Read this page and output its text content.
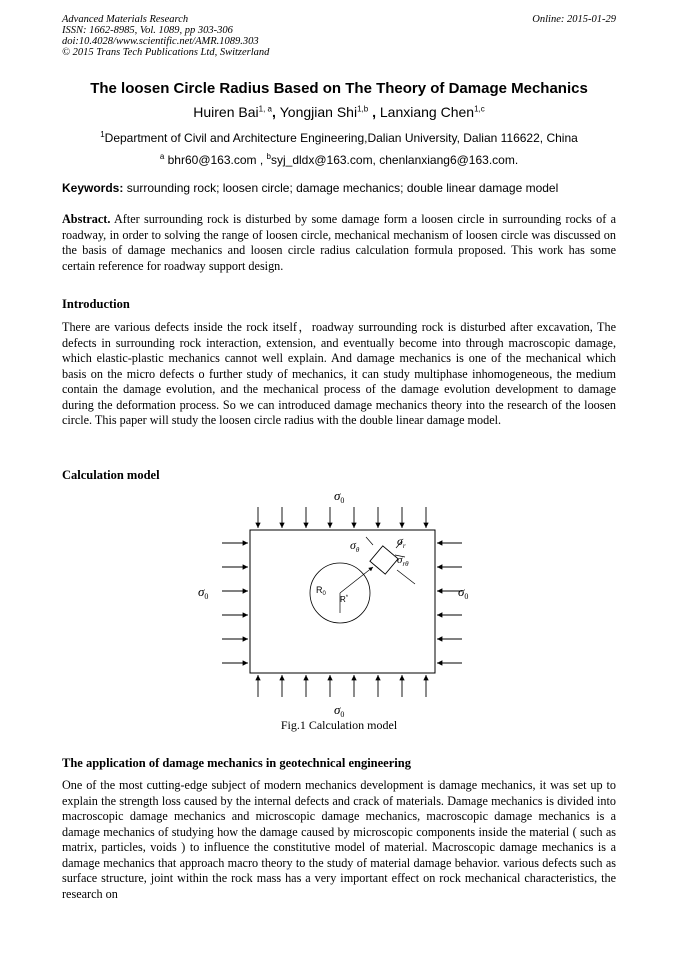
Advanced Materials Research
ISSN: 1662-8985, Vol. 1089, pp 303-306
doi:10.4028/www.scientific.net/AMR.1089.303
© 2015 Trans Tech Publications Ltd, Switzerland
Online: 2015-01-29
The loosen Circle Radius Based on The Theory of Damage Mechanics
Huiren Bai$^{1, a}$, Yongjian Shi$^{1,b}$ , Lanxiang Chen$^{1,c}$
$^1$Department of Civil and Architecture Engineering,Dalian University, Dalian 116622, China
$^a$ bhr60@163.com , $^b$syj_dldx@163.com, chenlanxiang6@163.com.
Keywords: surrounding rock; loosen circle; damage mechanics; double linear damage model
Abstract. After surrounding rock is disturbed by some damage form a loosen circle in surrounding rocks of a roadway, in order to solving the range of loosen circle, mechanical mechanism of loosen circle was discussed on the basis of damage mechanics and loosen circle radius calculation formula proposed. This work has some certain reference for roadway support design.
Introduction
There are various defects inside the rock itself，roadway surrounding rock is disturbed after excavation, The defects in surrounding rock interaction, extension, and eventually become into through macroscopic damage, which elastic-plastic mechanics cannot well explain. And damage mechanics is one of the mechanical which basis on the micro defects o further study of mechanics, it can study multiphase inhomogeneous, the medium contain the damage evolution, and the mechanical process of the damage evolution development to damage during the deformation process. So we can introduced damage mechanics theory into the research of the loosen circle. This paper will study the loosen circle radius with the double linear damage model.
Calculation model
$\sigma_0$
$R_0$
R*
$\sigma_\theta$
$\sigma_r$
$\sigma_{r\theta}$
$\sigma_0$	$\sigma_0$
$\sigma_0$
Fig.1 Calculation model
The application of damage mechanics in geotechnical engineering
One of the most cutting-edge subject of modern mechanics development is damage mechanics, it was set up to explain the strength loss caused by the internal defects and crack of materials. Damage mechanics is divided into macroscopic damage mechanics and microscopic damage mechanics, macroscopic damage mechanics is a damage mechanics of studying how the damage caused by microscopic components inside the material ( such as matrix, particles, voids ) to influence the constitutive model of material. Macroscopic damage mechanics is a damage mechanics that approach macro theory to the study of material damage behavior. various defects such as surface structure, joint within the rock mass has a very important effect on rock mechanical characteristics, the research on
